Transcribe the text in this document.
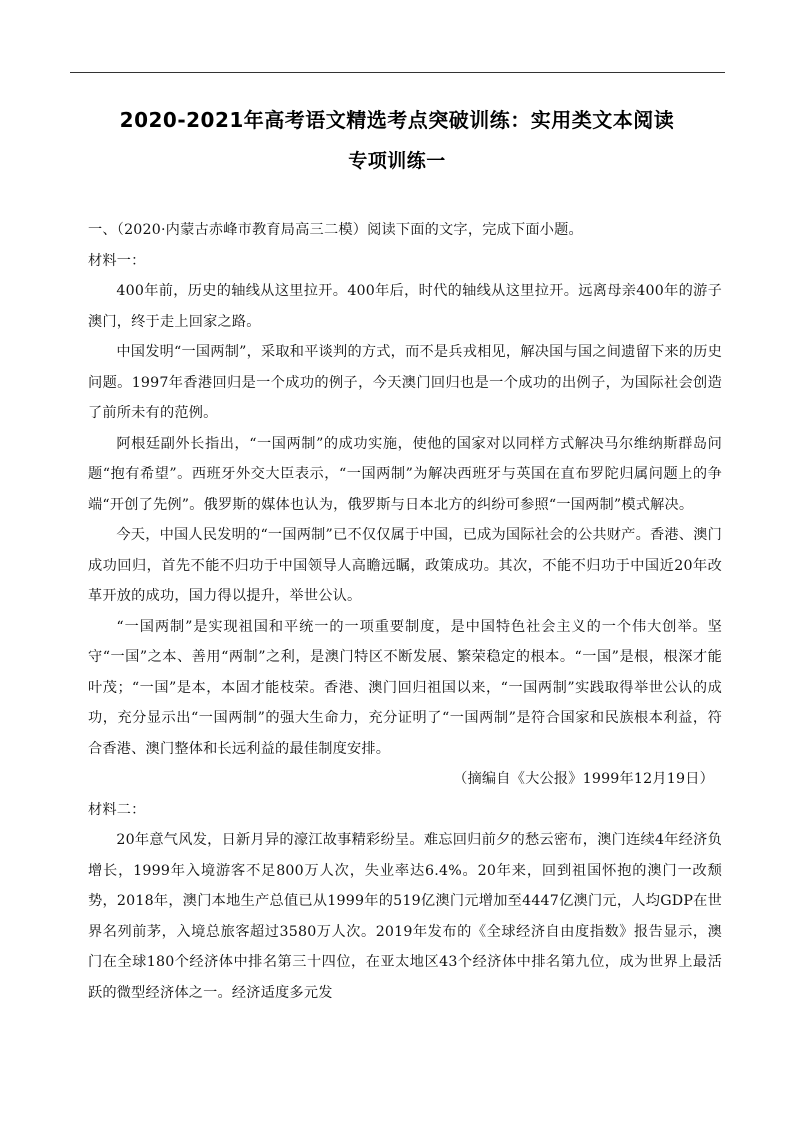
2020-2021年高考语文精选考点突破训练：实用类文本阅读
专项训练一

一、（2020·内蒙古赤峰市教育局高三二模）阅读下面的文字，完成下面小题。

材料一：

400年前，历史的轴线从这里拉开。400年后，时代的轴线从这里拉开。远离母亲400年的游子澳门，终于走上回家之路。

中国发明“一国两制”，采取和平谈判的方式，而不是兵戎相见，解决国与国之间遗留下来的历史问题。1997年香港回归是一个成功的例子，今天澳门回归也是一个成功的出例子，为国际社会创造了前所未有的范例。

阿根廷副外长指出，“一国两制”的成功实施，使他的国家对以同样方式解决马尔维纳斯群岛问题“抱有希望”。西班牙外交大臣表示，“一国两制”为解决西班牙与英国在直布罗陀归属问题上的争端“开创了先例”。俄罗斯的媒体也认为，俄罗斯与日本北方的纠纷可参照“一国两制”模式解决。

今天，中国人民发明的“一国两制”已不仅仅属于中国，已成为国际社会的公共财产。香港、澳门成功回归，首先不能不归功于中国领导人高瞻远瞩，政策成功。其次，不能不归功于中国近20年改革开放的成功，国力得以提升，举世公认。

“一国两制”是实现祖国和平统一的一项重要制度，是中国特色社会主义的一个伟大创举。坚守“一国”之本、善用“两制”之利，是澳门特区不断发展、繁荣稳定的根本。“一国”是根，根深才能叶茂；“一国”是本，本固才能枝荣。香港、澳门回归祖国以来，“一国两制”实践取得举世公认的成功，充分显示出“一国两制”的强大生命力，充分证明了“一国两制”是符合国家和民族根本利益，符合香港、澳门整体和长远利益的最佳制度安排。

（摘编自《大公报》1999年12月19日）

材料二：

20年意气风发，日新月异的濠江故事精彩纷呈。难忘回归前夕的愁云密布，澳门连续4年经济负增长，1999年入境游客不足800万人次，失业率达6.4%。20年来，回到祖国怀抱的澳门一改颓势，2018年，澳门本地生产总值已从1999年的519亿澳门元增加至4447亿澳门元，人均GDP在世界名列前茅，入境总旅客超过3580万人次。2019年发布的《全球经济自由度指数》报告显示，澳门在全球180个经济体中排名第三十四位，在亚太地区43个经济体中排名第九位，成为世界上最活跃的微型经济体之一。经济适度多元发
